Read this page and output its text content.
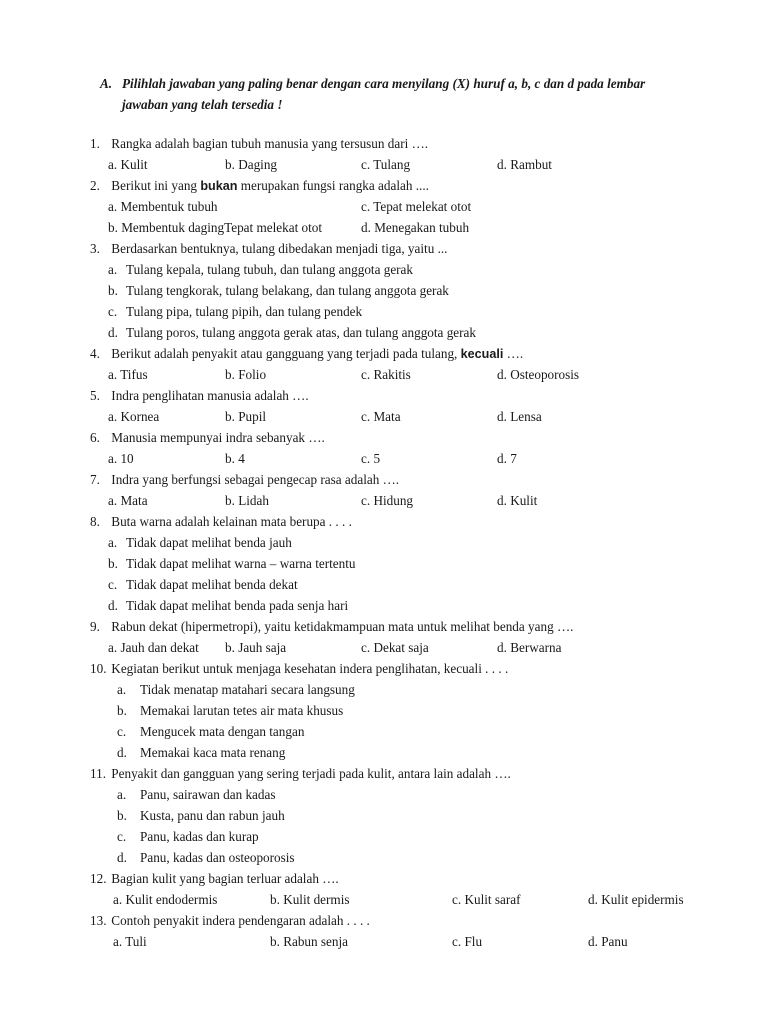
A. Pilihlah jawaban yang paling benar dengan cara menyilang (X) huruf a, b, c dan d pada lembar
jawaban yang telah tersedia !
1. Rangka adalah bagian tubuh manusia yang tersusun dari ….
a. Kulit	b. Daging	c. Tulang	d. Rambut
2. Berikut ini yang bukan merupakan fungsi rangka adalah ....
a. Membentuk tubuh	c. Tepat melekat otot
b. Membentuk dagingTepat melekat otot	d. Menegakan tubuh
3. Berdasarkan bentuknya, tulang dibedakan menjadi tiga, yaitu ...
a. Tulang kepala, tulang tubuh, dan tulang anggota gerak
b. Tulang tengkorak, tulang belakang, dan tulang anggota gerak
c. Tulang pipa, tulang pipih, dan tulang pendek
d. Tulang poros, tulang anggota gerak atas, dan tulang anggota gerak
4. Berikut adalah penyakit atau gangguang yang terjadi pada tulang, kecuali ….
a. Tifus	b. Folio	c. Rakitis	d. Osteoporosis
5. Indra penglihatan manusia adalah ….
a. Kornea	b. Pupil	c. Mata	d. Lensa
6. Manusia mempunyai indra sebanyak ….
a. 10	b. 4	c. 5	d. 7
7. Indra yang berfungsi sebagai pengecap rasa adalah ….
a. Mata	b. Lidah	c. Hidung	d. Kulit
8. Buta warna adalah kelainan mata berupa . . . .
a. Tidak dapat melihat benda jauh
b. Tidak dapat melihat warna – warna tertentu
c. Tidak dapat melihat benda dekat
d. Tidak dapat melihat benda pada senja hari
9. Rabun dekat (hipermetropi), yaitu ketidakmampuan mata untuk melihat benda yang ….
a. Jauh dan dekat b. Jauh saja	c. Dekat saja	d. Berwarna
10. Kegiatan berikut untuk menjaga kesehatan indera penglihatan, kecuali . . . .
a. Tidak menatap matahari secara langsung
b. Memakai larutan tetes air mata khusus
c. Mengucek mata dengan tangan
d. Memakai kaca mata renang
11. Penyakit dan gangguan yang sering terjadi pada kulit, antara lain adalah ….
a. Panu, sairawan dan kadas
b. Kusta, panu dan rabun jauh
c. Panu, kadas dan kurap
d. Panu, kadas dan osteoporosis
12. Bagian kulit yang bagian terluar adalah ….
a. Kulit endodermis	b. Kulit dermis	c. Kulit saraf	d. Kulit epidermis
13. Contoh penyakit indera pendengaran adalah . . . .
a. Tuli	b. Rabun senja	c. Flu	d. Panu
